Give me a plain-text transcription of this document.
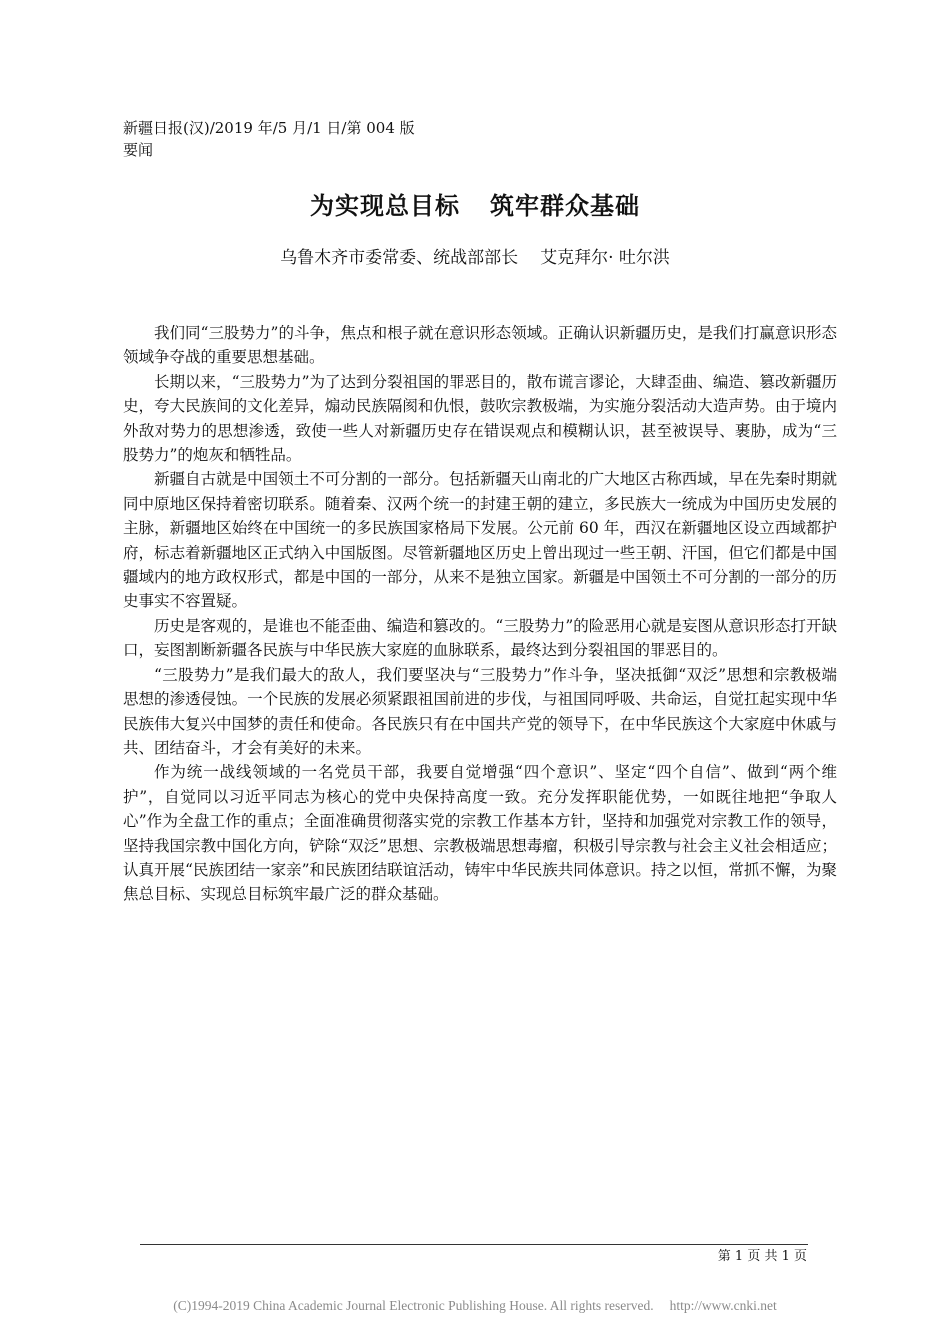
新疆日报(汉)/2019 年/5 月/1 日/第 004 版
要闻
为实现总目标 筑牢群众基础
乌鲁木齐市委常委、统战部部长 艾克拜尔· 吐尔洪

我们同“三股势力”的斗争，焦点和根子就在意识形态领域。正确认识新疆历史，是我们打赢意识形态领域争夺战的重要思想基础。

长期以来，“三股势力”为了达到分裂祖国的罪恶目的，散布谎言谬论，大肆歪曲、编造、篡改新疆历史，夸大民族间的文化差异，煽动民族隔阂和仇恨，鼓吹宗教极端，为实施分裂活动大造声势。由于境内外敌对势力的思想渗透，致使一些人对新疆历史存在错误观点和模糊认识，甚至被误导、裹胁，成为“三股势力”的炮灰和牺牲品。

新疆自古就是中国领土不可分割的一部分。包括新疆天山南北的广大地区古称西域，早在先秦时期就同中原地区保持着密切联系。随着秦、汉两个统一的封建王朝的建立，多民族大一统成为中国历史发展的主脉，新疆地区始终在中国统一的多民族国家格局下发展。公元前 60 年，西汉在新疆地区设立西域都护府，标志着新疆地区正式纳入中国版图。尽管新疆地区历史上曾出现过一些王朝、汗国，但它们都是中国疆域内的地方政权形式，都是中国的一部分，从来不是独立国家。新疆是中国领土不可分割的一部分的历史事实不容置疑。

历史是客观的，是谁也不能歪曲、编造和篡改的。“三股势力”的险恶用心就是妄图从意识形态打开缺口，妄图割断新疆各民族与中华民族大家庭的血脉联系，最终达到分裂祖国的罪恶目的。

“三股势力”是我们最大的敌人，我们要坚决与“三股势力”作斗争，坚决抵御“双泛”思想和宗教极端思想的渗透侵蚀。一个民族的发展必须紧跟祖国前进的步伐，与祖国同呼吸、共命运，自觉扛起实现中华民族伟大复兴中国梦的责任和使命。各民族只有在中国共产党的领导下，在中华民族这个大家庭中休戚与共、团结奋斗，才会有美好的未来。

作为统一战线领域的一名党员干部，我要自觉增强“四个意识”、坚定“四个自信”、做到“两个维护”，自觉同以习近平同志为核心的党中央保持高度一致。充分发挥职能优势，一如既往地把“争取人心”作为全盘工作的重点；全面准确贯彻落实党的宗教工作基本方针，坚持和加强党对宗教工作的领导，坚持我国宗教中国化方向，铲除“双泛”思想、宗教极端思想毒瘤，积极引导宗教与社会主义社会相适应；认真开展“民族团结一家亲”和民族团结联谊活动，铸牢中华民族共同体意识。持之以恒，常抓不懈，为聚焦总目标、实现总目标筑牢最广泛的群众基础。

第 1 页 共 1 页
(C)1994-2019 China Academic Journal Electronic Publishing House. All rights reserved. http://www.cnki.net
